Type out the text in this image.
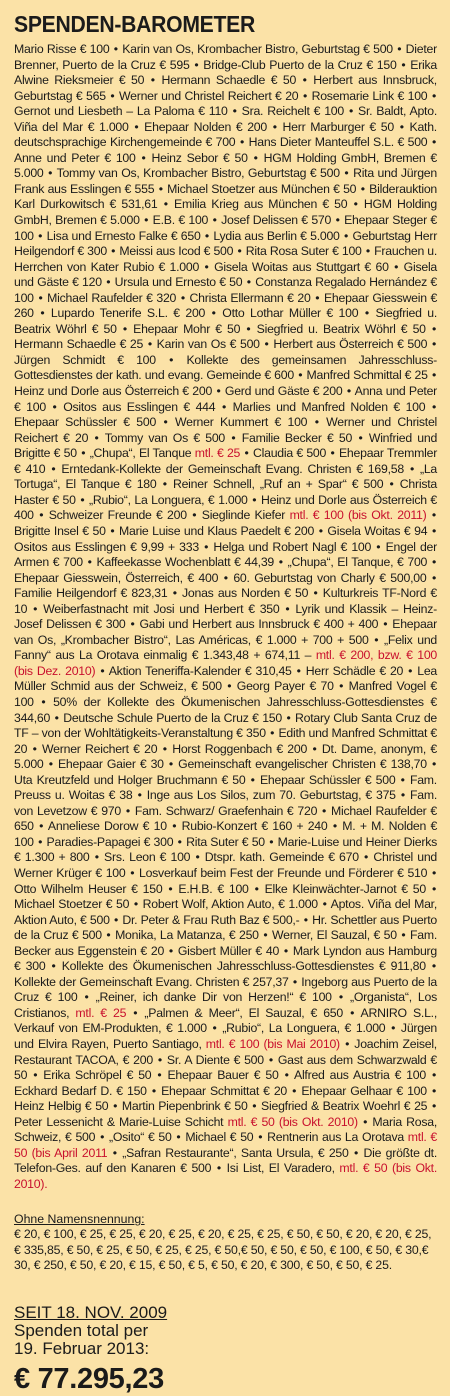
SPENDEN-BAROMETER
Mario Risse € 100 • Karin van Os, Krombacher Bistro, Geburtstag € 500 • Dieter Brenner, Puerto de la Cruz € 595 • Bridge-Club Puerto de la Cruz € 150 • Erika Alwine Rieksmeier € 50 • Hermann Schaedle € 50 • Herbert aus Innsbruck, Geburtstag € 565 • Werner und Christel Reichert € 20 • Rosemarie Link € 100 • Gernot und Liesbeth – La Paloma € 110 • Sra. Reichelt € 100 • Sr. Baldt, Apto. Viña del Mar € 1.000 • Ehepaar Nolden € 200 • Herr Marburger € 50 • Kath. deutschsprachige Kirchengemeinde € 700 • Hans Dieter Manteuffel S.L. € 500 • Anne und Peter € 100 • Heinz Sebor € 50 • HGM Holding GmbH, Bremen € 5.000 • Tommy van Os, Krombacher Bistro, Geburtstag € 500 • Rita und Jürgen Frank aus Esslingen € 555 • Michael Stoetzer aus München € 50 • Bilderauktion Karl Durkowitsch € 531,61 • Emilia Krieg aus München € 50 • HGM Holding GmbH, Bremen € 5.000 • E.B. € 100 • Josef Delissen € 570 • Ehepaar Steger € 100 • Lisa und Ernesto Falke € 650 • Lydia aus Berlin € 5.000 • Geburtstag Herr Heilgendorf € 300 • Meissi aus Icod € 500 • Rita Rosa Suter € 100 • Frauchen u. Herrchen von Kater Rubio € 1.000 • Gisela Woitas aus Stuttgart € 60 • Gisela und Gäste € 120 • Ursula und Ernesto € 50 • Constanza Regalado Hernández € 100 • Michael Raufelder € 320 • Christa Ellermann € 20 • Ehepaar Giesswein € 260 • Lupardo Tenerife S.L. € 200 • Otto Lothar Müller € 100 • Siegfried u. Beatrix Wöhrl € 50 • Ehepaar Mohr € 50 • Siegfried u. Beatrix Wöhrl € 50 • Hermann Schaedle € 25 • Karin van Os € 500 • Herbert aus Österreich € 500 • Jürgen Schmidt € 100 • Kollekte des gemeinsamen Jahresschluss-Gottesdienstes der kath. und evang. Gemeinde € 600 • Manfred Schmittal € 25 • Heinz und Dorle aus Österreich € 200 • Gerd und Gäste € 200 • Anna und Peter € 100 • Ositos aus Esslingen € 444 • Marlies und Manfred Nolden € 100 • Ehepaar Schüssler € 500 • Werner Kummert € 100 • Werner und Christel Reichert € 20 • Tommy van Os € 500 • Familie Becker € 50 • Winfried und Brigitte € 50 • „Chupa“, El Tanque mtl. € 25 • Claudia € 500 • Ehepaar Tremmler € 410 • Erntedank-Kollekte der Gemeinschaft Evang. Christen € 169,58 • „La Tortuga“, El Tanque € 180 • Reiner Schnell, „Ruf an + Spar“ € 500 • Christa Haster € 50 • „Rubio“, La Longuera, € 1.000 • Heinz und Dorle aus Österreich € 400 • Schweizer Freunde € 200 • Sieglinde Kiefer mtl. € 100 (bis Okt. 2011) • Brigitte Insel € 50 • Marie Luise und Klaus Paedelt € 200 • Gisela Woitas € 94 • Ositos aus Esslingen € 9,99 + 333 • Helga und Robert Nagl € 100 • Engel der Armen € 700 • Kaffeekasse Wochenblatt € 44,39 • „Chupa“, El Tanque, € 700 • Ehepaar Giesswein, Österreich, € 400 • 60. Geburtstag von Charly € 500,00 • Familie Heilgendorf € 823,31 • Jonas aus Norden € 50 • Kulturkreis TF-Nord € 10 • Weiberfastnacht mit Josi und Herbert € 350 • Lyrik und Klassik – Heinz-Josef Delissen € 300 • Gabi und Herbert aus Innsbruck € 400 + 400 • Ehepaar van Os, „Krombacher Bistro“, Las Américas, € 1.000 + 700 + 500 • „Felix und Fanny“ aus La Orotava einmalig € 1.343,48 + 674,11 – mtl. € 200, bzw. € 100 (bis Dez. 2010) • Aktion Teneriffa-Kalender € 310,45 • Herr Schädle € 20 • Lea Müller Schmid aus der Schweiz, € 500 • Georg Payer € 70 • Manfred Vogel € 100 • 50% der Kollekte des Ökumenischen Jahresschluss-Gottesdienstes € 344,60 • Deutsche Schule Puerto de la Cruz € 150 • Rotary Club Santa Cruz de TF – von der Wohltätigkeits-Veranstaltung € 350 • Edith und Manfred Schmittat € 20 • Werner Reichert € 20 • Horst Roggenbach € 200 • Dt. Dame, anonym, € 5.000 • Ehepaar Gaier € 30 • Gemeinschaft evangelischer Christen € 138,70 • Uta Kreutzfeld und Holger Bruchmann € 50 • Ehepaar Schüssler € 500 • Fam. Preuss u. Woitas € 38 • Inge aus Los Silos, zum 70. Geburtstag, € 375 • Fam. von Levetzow € 970 • Fam. Schwarz/ Graefenhain € 720 • Michael Raufelder € 650 • Anneliese Dorow € 10 • Rubio-Konzert € 160 + 240 • M. + M. Nolden € 100 • Paradies-Papagei € 300 • Rita Suter € 50 • Marie-Luise und Heiner Dierks € 1.300 + 800 • Srs. Leon € 100 • Dtspr. kath. Gemeinde € 670 • Christel und Werner Krüger € 100 • Losverkauf beim Fest der Freunde und Förderer € 510 • Otto Wilhelm Heuser € 150 • E.H.B. € 100 • Elke Kleinwächter-Jarnot € 50 • Michael Stoetzer € 50 • Robert Wolf, Aktion Auto, € 1.000 • Aptos. Viña del Mar, Aktion Auto, € 500 • Dr. Peter & Frau Ruth Baz € 500,- • Hr. Schettler aus Puerto de la Cruz € 500 • Monika, La Matanza, € 250 • Werner, El Sauzal, € 50 • Fam. Becker aus Eggenstein € 20 • Gisbert Müller € 40 • Mark Lyndon aus Hamburg € 300 • Kollekte des Ökumenischen Jahresschluss-Gottesdienstes € 911,80 • Kollekte der Gemeinschaft Evang. Christen € 257,37 • Ingeborg aus Puerto de la Cruz € 100 • „Reiner, ich danke Dir von Herzen!“ € 100 • „Organista“, Los Cristianos, mtl. € 25 • „Palmen & Meer“, El Sauzal, € 650 • ARNIRO S.L., Verkauf von EM-Produkten, € 1.000 • „Rubio“, La Longuera, € 1.000 • Jürgen und Elvira Rayen, Puerto Santiago, mtl. € 100 (bis Mai 2010) • Joachim Zeisel, Restaurant TACOA, € 200 • Sr. A Diente € 500 • Gast aus dem Schwarzwald € 50 • Erika Schröpel € 50 • Ehepaar Bauer € 50 • Alfred aus Austria € 100 • Eckhard Bedarf D. € 150 • Ehepaar Schmittat € 20 • Ehepaar Gelhaar € 100 • Heinz Helbig € 50 • Martin Piepenbrink € 50 • Siegfried & Beatrix Woehrl € 25 • Peter Lessenicht & Marie-Luise Schicht mtl. € 50 (bis Okt. 2010) • Maria Rosa, Schweiz, € 500 • „Osito“ € 50 • Michael € 50 • Rentnerin aus La Orotava mtl. € 50 (bis April 2011 • „Safran Restaurante“, Santa Ursula, € 250 • Die größte dt. Telefon-Ges. auf den Kanaren € 500 • Isi List, El Varadero, mtl. € 50 (bis Okt. 2010).
Ohne Namensnennung:
€ 20, € 100, € 25, € 25, € 20, € 25, € 20, € 25, € 25, € 50, € 50, € 20, € 20, € 25, € 335,85, € 50, € 25, € 50, € 25, € 25, € 50,€ 50, € 50, € 50, € 100, € 50, € 30,€ 30, € 250, € 50, € 20, € 15, € 50, € 5, € 50, € 20, € 300, € 50, € 50, € 25.
SEIT 18. NOV. 2009
Spenden total per
19. Februar 2013:
€ 77.295,23
